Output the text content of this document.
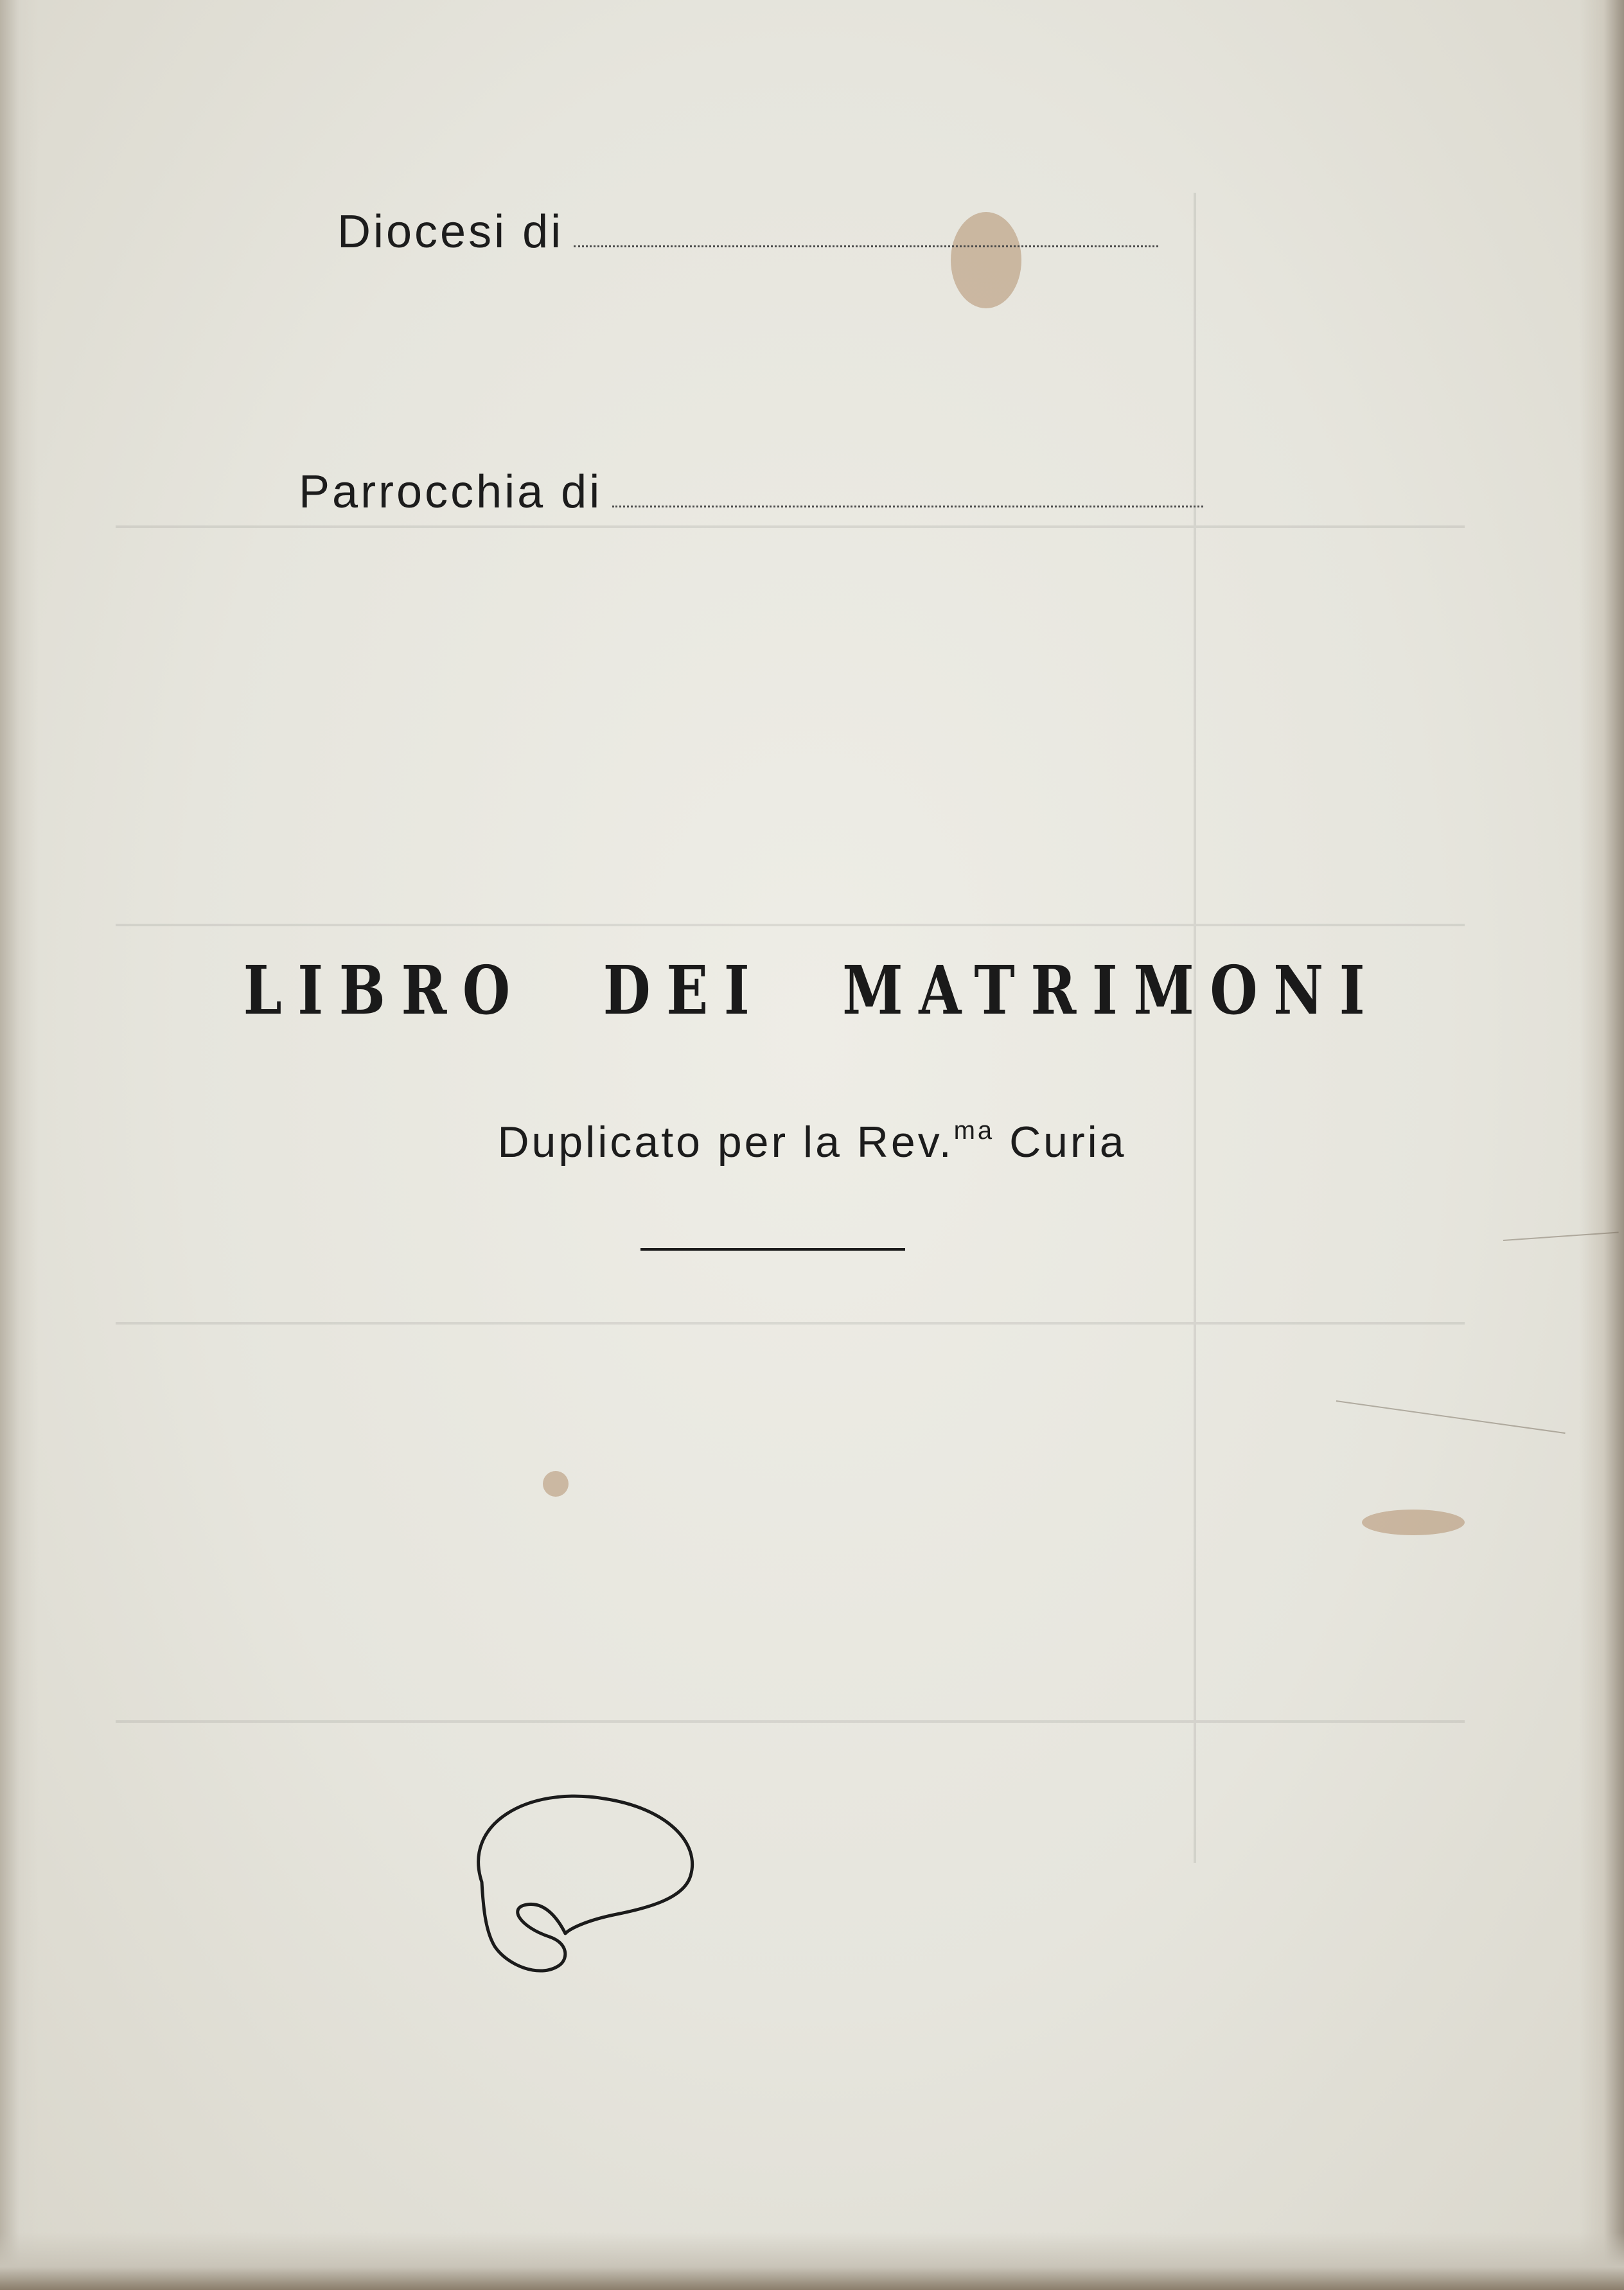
Diocesi di
Parrocchia di
LIBRO DEI MATRIMONI
Duplicato per la Rev.$^{ma}$ Curia
